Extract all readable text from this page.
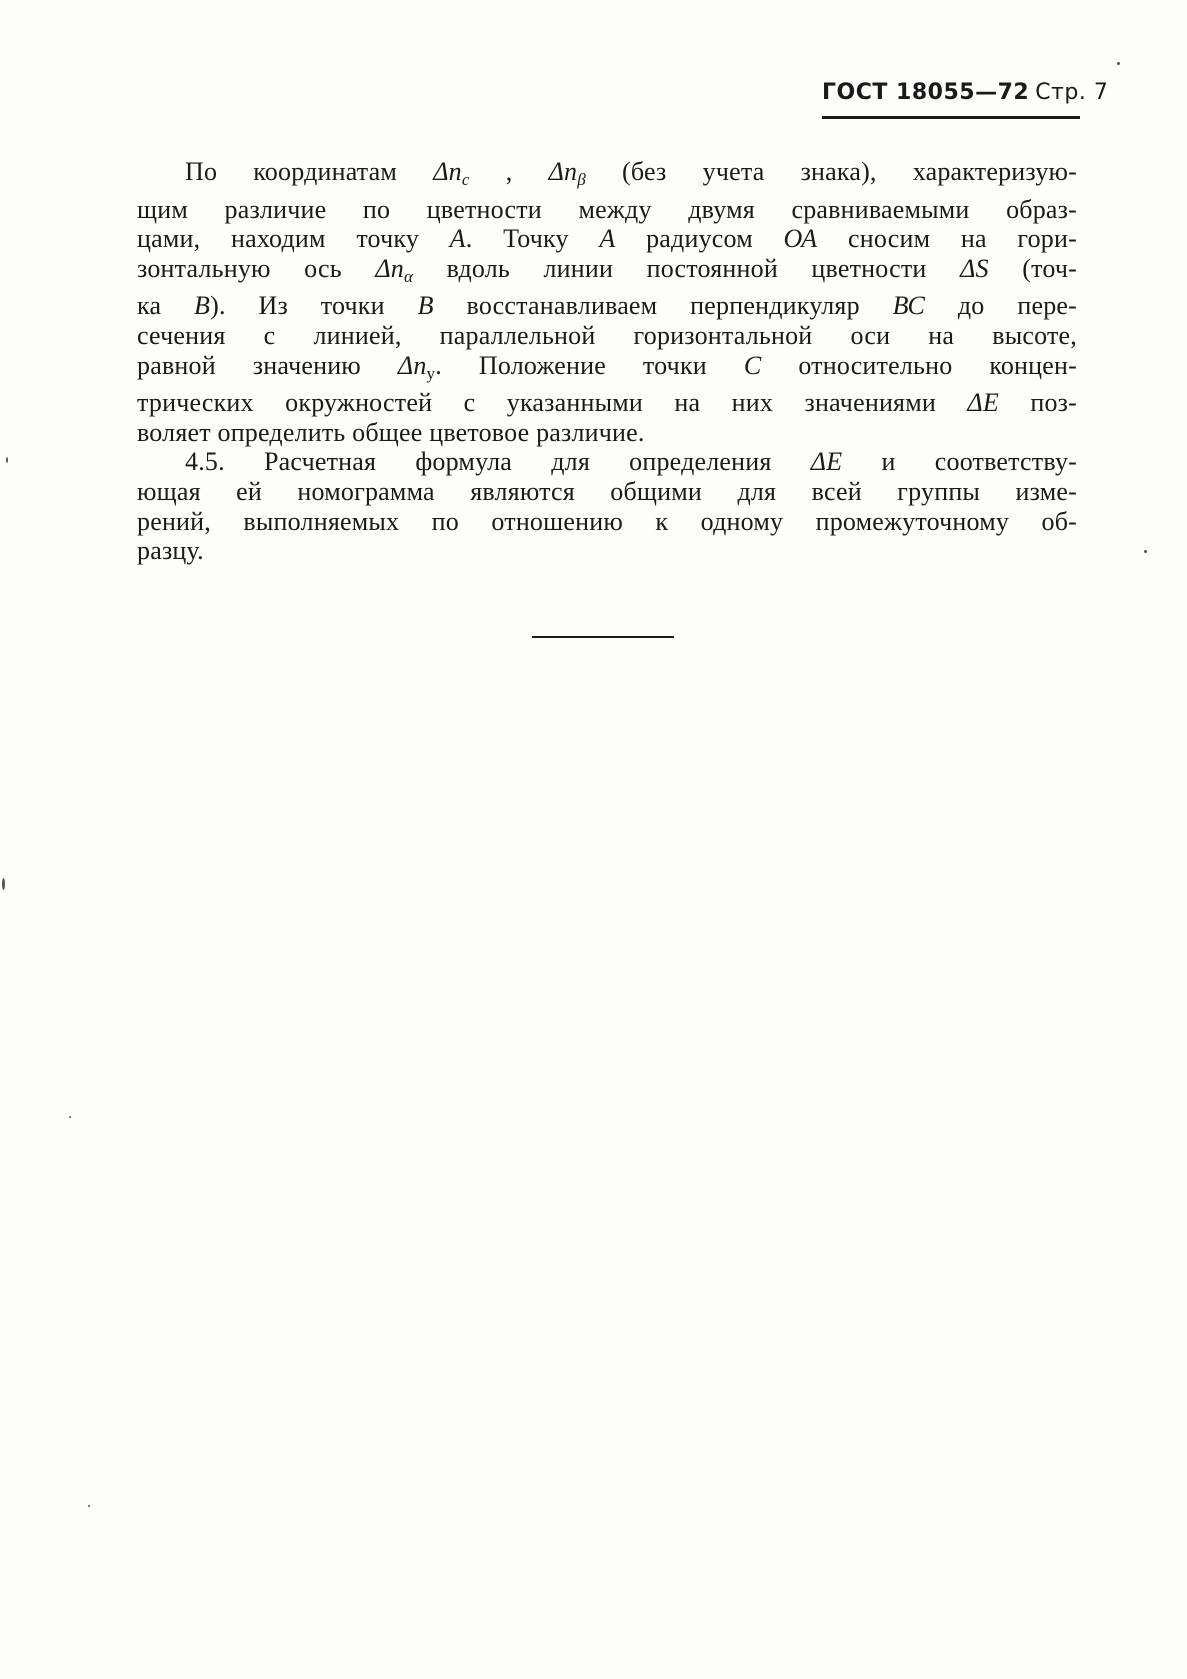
ГОСТ 18055—72 Стр. 7

По координатам $\Delta n_c$ , $\Delta n_\beta$ (без учета знака), характеризую-
щим различие по цветности между двумя сравниваемыми образ-
цами, находим точку А. Точку А радиусом ОА сносим на гори-
зонтальную ось $\Delta n_\alpha$ вдоль линии постоянной цветности ΔS (точ-
ка В). Из точки В восстанавливаем перпендикуляр ВС до пере-
сечения с линией, параллельной горизонтальной оси на высоте,
равной значению $\Delta n_y$. Положение точки С относительно концен-
трических окружностей с указанными на них значениями ΔE поз-
воляет определить общее цветовое различие.

4.5. Расчетная формула для определения ΔE и соответству-
ющая ей номограмма являются общими для всей группы изме-
рений, выполняемых по отношению к одному промежуточному об-
разцу.
